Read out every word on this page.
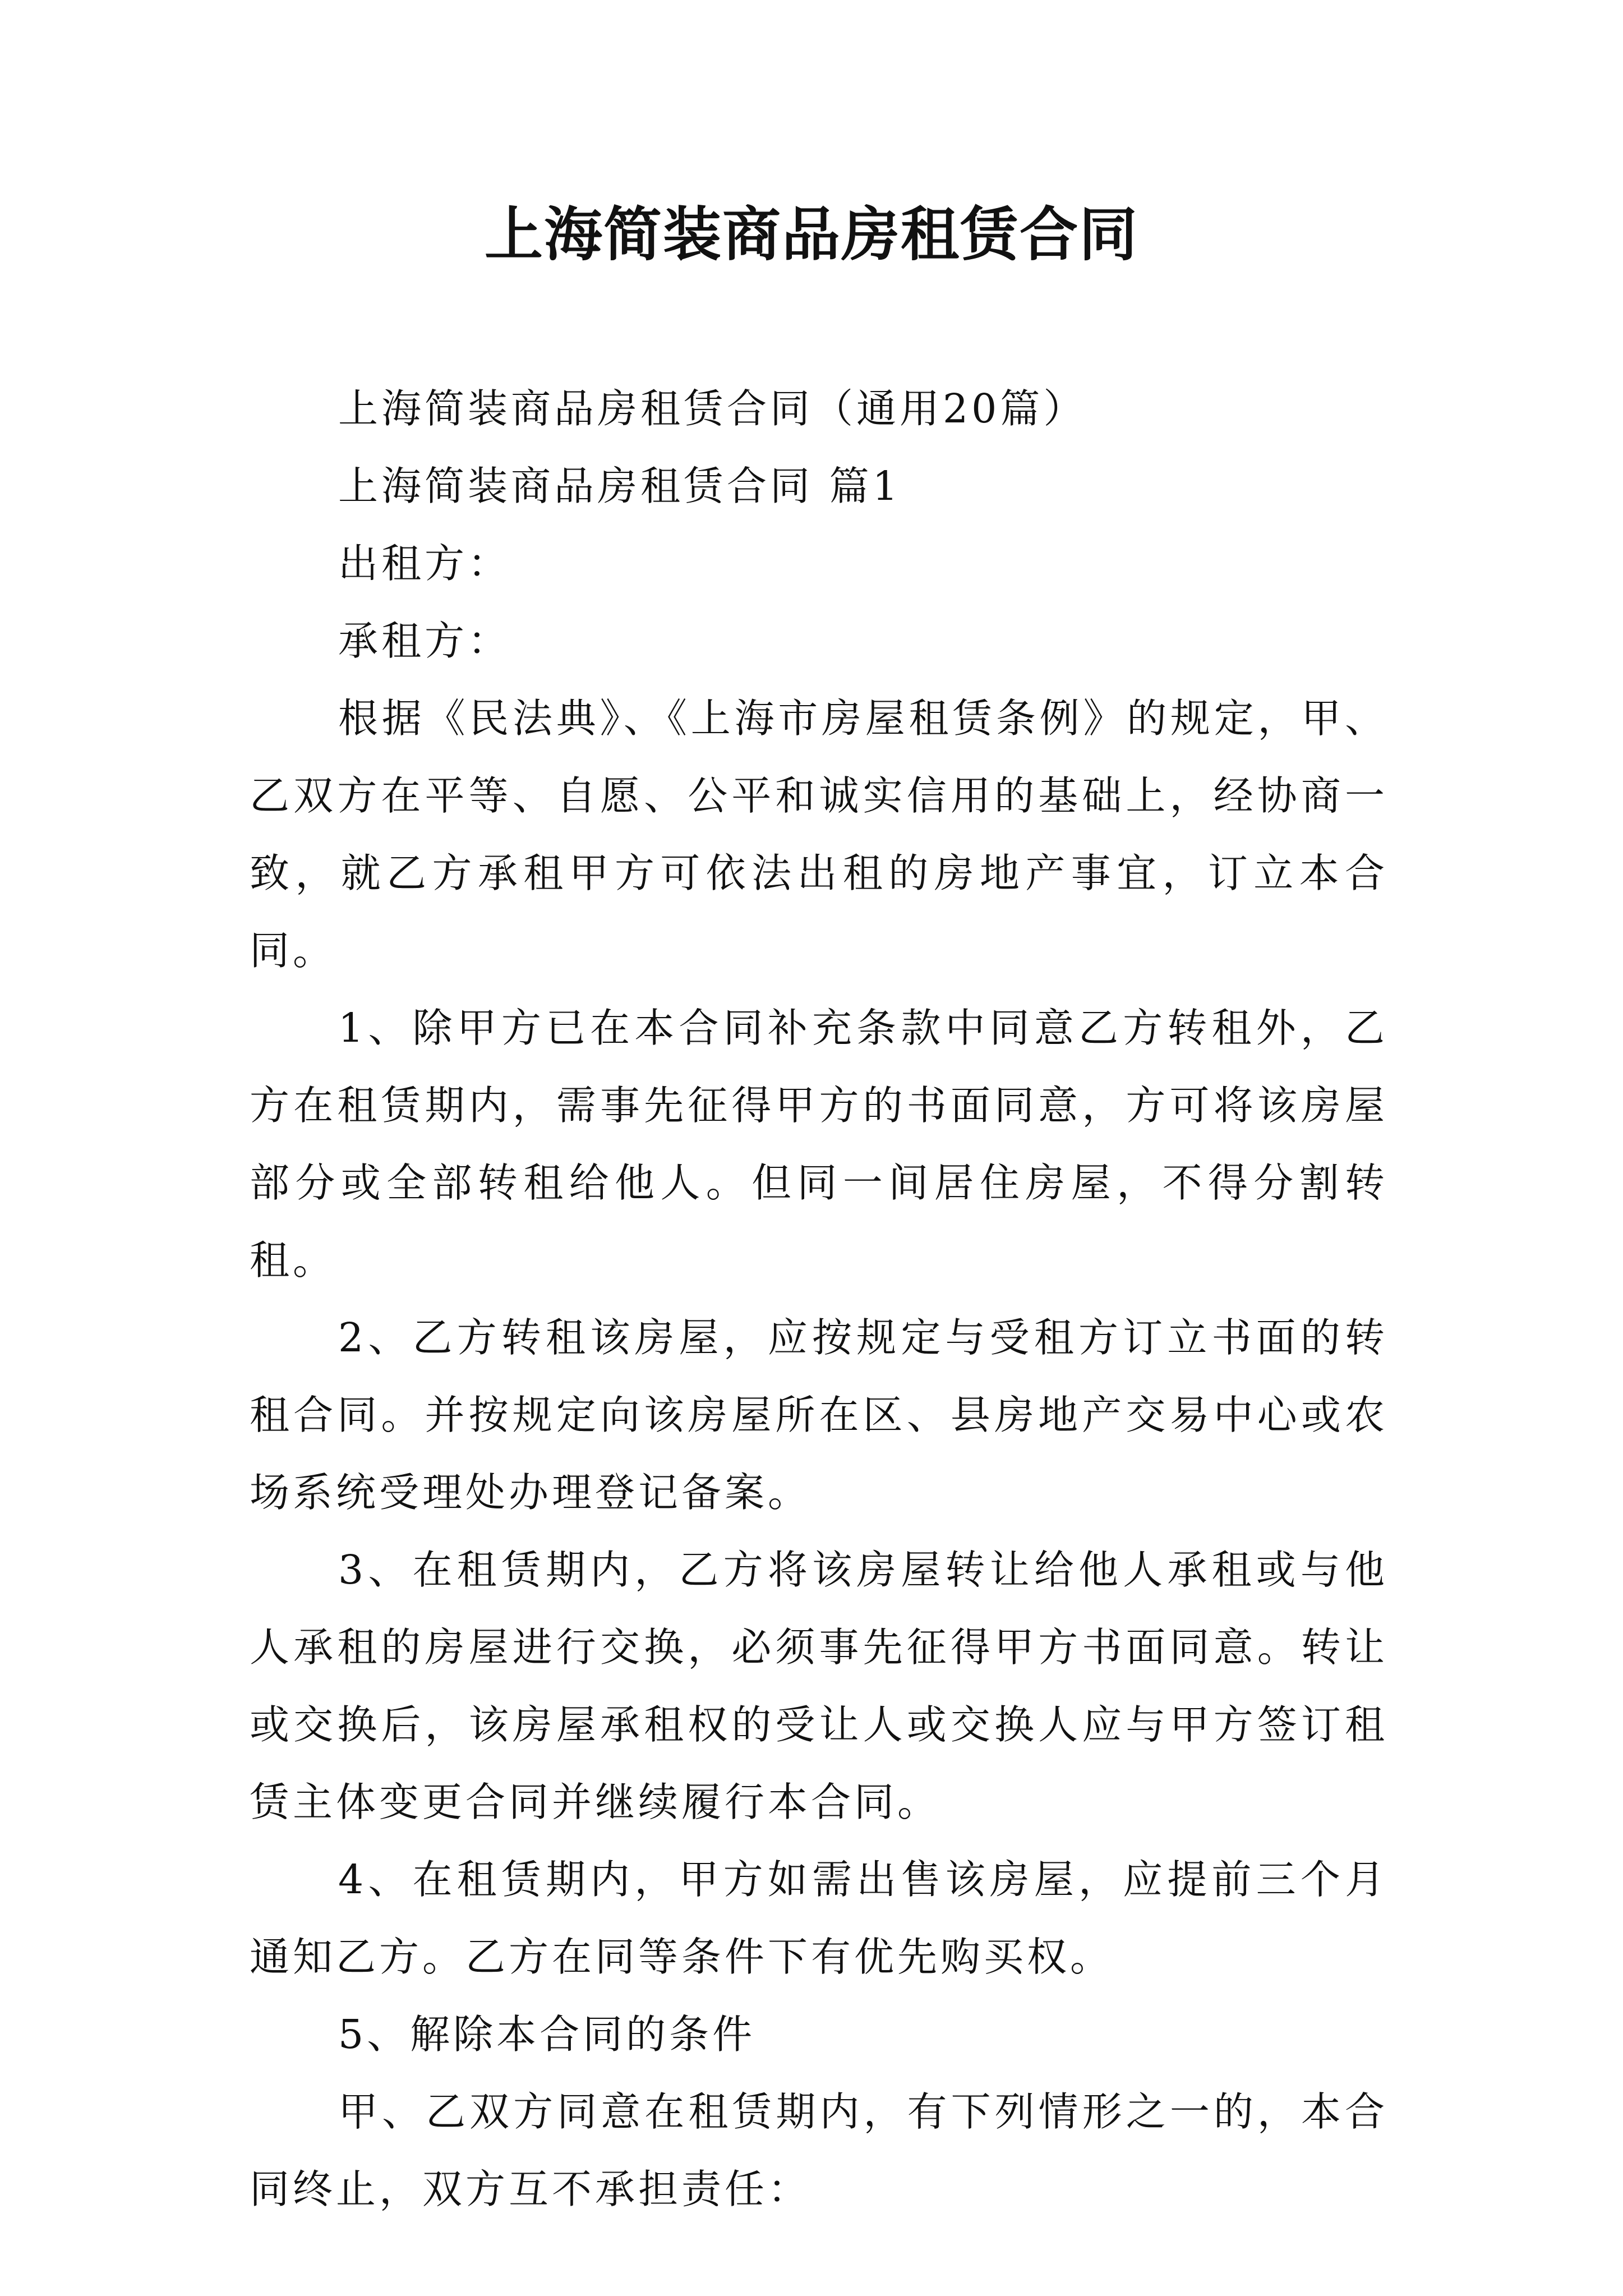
上海简装商品房租赁合同

上海简装商品房租赁合同（通用20篇）

上海简装商品房租赁合同 篇1

出租方：

承租方：

根据《民法典》、《上海市房屋租赁条例》的规定，甲、乙双方在平等、自愿、公平和诚实信用的基础上，经协商一致，就乙方承租甲方可依法出租的房地产事宜，订立本合同。

1、除甲方已在本合同补充条款中同意乙方转租外，乙方在租赁期内，需事先征得甲方的书面同意，方可将该房屋部分或全部转租给他人。但同一间居住房屋，不得分割转租。

2、乙方转租该房屋，应按规定与受租方订立书面的转租合同。并按规定向该房屋所在区、县房地产交易中心或农场系统受理处办理登记备案。

3、在租赁期内，乙方将该房屋转让给他人承租或与他人承租的房屋进行交换，必须事先征得甲方书面同意。转让或交换后，该房屋承租权的受让人或交换人应与甲方签订租赁主体变更合同并继续履行本合同。

4、在租赁期内，甲方如需出售该房屋，应提前三个月通知乙方。乙方在同等条件下有优先购买权。

5、解除本合同的条件

甲、乙双方同意在租赁期内，有下列情形之一的，本合同终止，双方互不承担责任：
